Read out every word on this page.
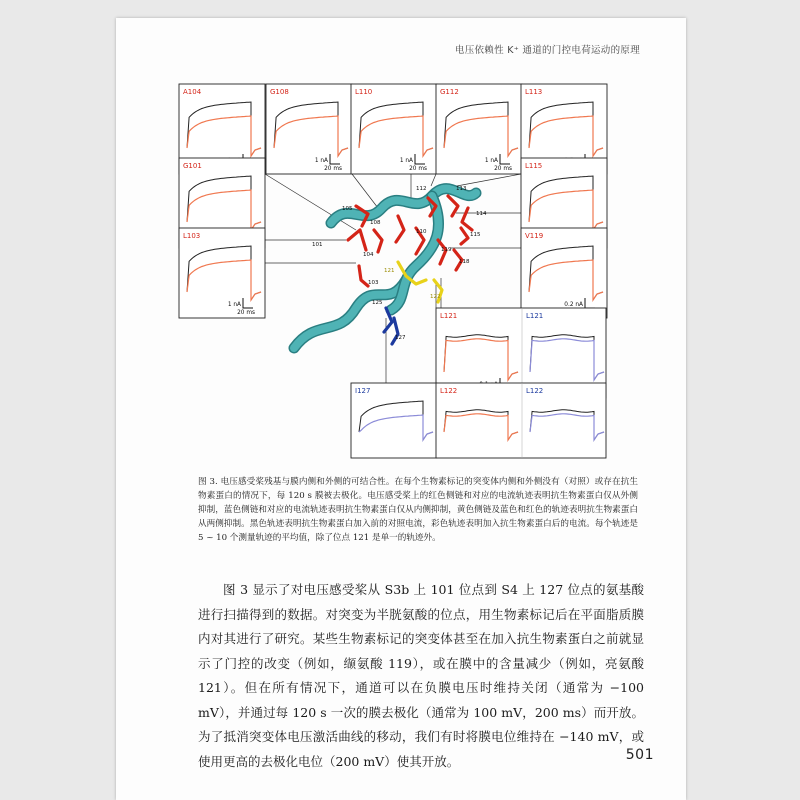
电压依赖性 K⁺ 通道的门控电荷运动的原理
101
103
104
105
108
110
112	113
114
115
118
119
121
122
125
127
A104	G108
1 nA
20 ms
L110
1 nA
20 ms
G112
1 nA
20 ms
L113
G101	L115
L103
1 nA
20 ms
V119
0.2 nA
L121	L121
I127	L122	L122

图 3. 电压感受桨残基与膜内侧和外侧的可结合性。在每个生物素标记的突变体内侧和外侧没有（对照）或存在抗生物素蛋白的情况下，每 120 s 膜被去极化。电压感受桨上的红色侧链和对应的电流轨迹表明抗生物素蛋白仅从外侧抑制，蓝色侧链和对应的电流轨迹表明抗生物素蛋白仅从内侧抑制，黄色侧链及蓝色和红色的轨迹表明抗生物素蛋白从两侧抑制。黑色轨迹表明抗生物素蛋白加入前的对照电流，彩色轨迹表明加入抗生物素蛋白后的电流。每个轨迹是 5 ~ 10 个测量轨迹的平均值，除了位点 121 是单一的轨迹外。

图 3 显示了对电压感受桨从 S3b 上 101 位点到 S4 上 127 位点的氨基酸进行扫描得到的数据。对突变为半胱氨酸的位点，用生物素标记后在平面脂质膜内对其进行了研究。某些生物素标记的突变体甚至在加入抗生物素蛋白之前就显示了门控的改变（例如，缬氨酸 119），或在膜中的含量减少（例如，亮氨酸 121）。但在所有情况下，通道可以在负膜电压时维持关闭（通常为 −100 mV），并通过每 120 s 一次的膜去极化（通常为 100 mV，200 ms）而开放。为了抵消突变体电压激活曲线的移动，我们有时将膜电位维持在 −140 mV，或使用更高的去极化电位（200 mV）使其开放。	501
